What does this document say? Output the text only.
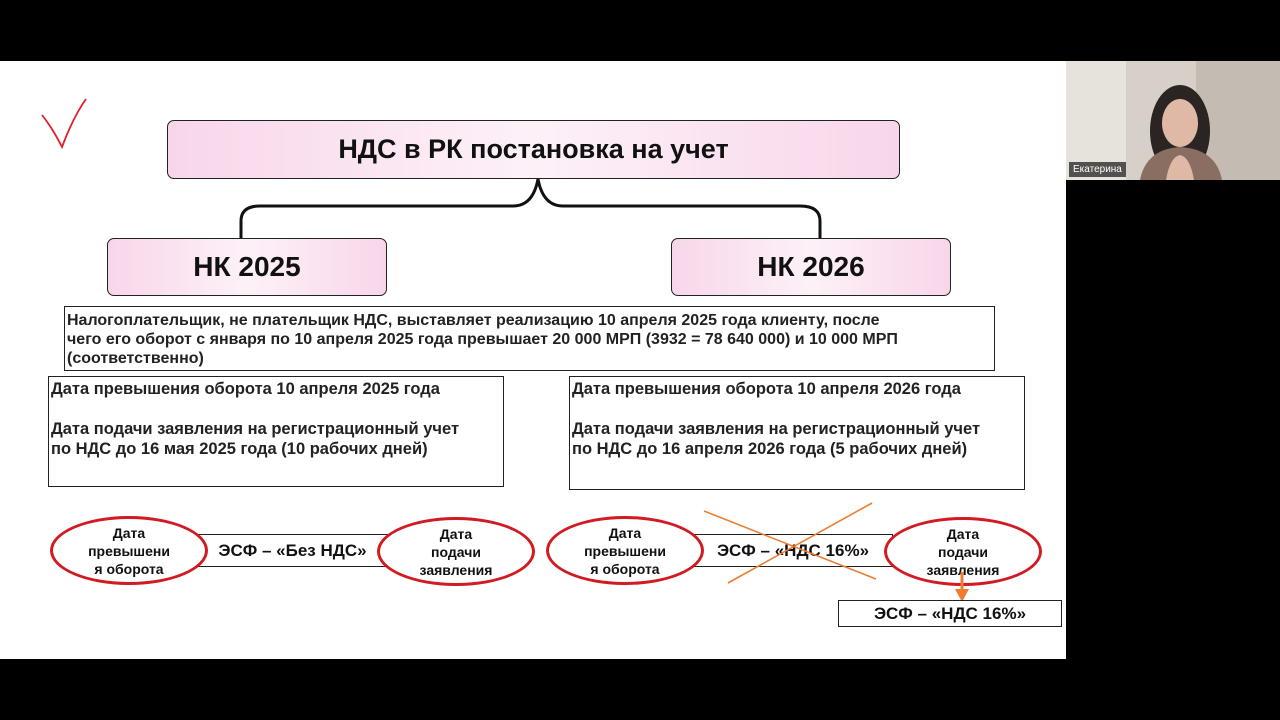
НДС в РК постановка на учет
НК 2025	НК 2026
Налогоплательщик, не плательщик НДС, выставляет реализацию 10 апреля 2025 года клиенту, после
чего его оборот с января по 10 апреля 2025 года превышает 20 000 МРП (3932 = 78 640 000) и 10 000 МРП
(соответственно)
Дата превышения оборота 10 апреля 2025 года
Дата подачи заявления на регистрационный учет
по НДС до 16 мая 2025 года (10 рабочих дней)
Дата превышения оборота 10 апреля 2026 года
Дата подачи заявления на регистрационный учет
по НДС до 16 апреля 2026 года (5 рабочих дней)
ЭСФ – «Без НДС»
Дата
превышени
я оборота
Дата
подачи
заявления
ЭСФ – «НДС 16%»
Дата
превышени
я оборота
Дата
подачи
заявления
ЭСФ – «НДС 16%»
Екатерина
